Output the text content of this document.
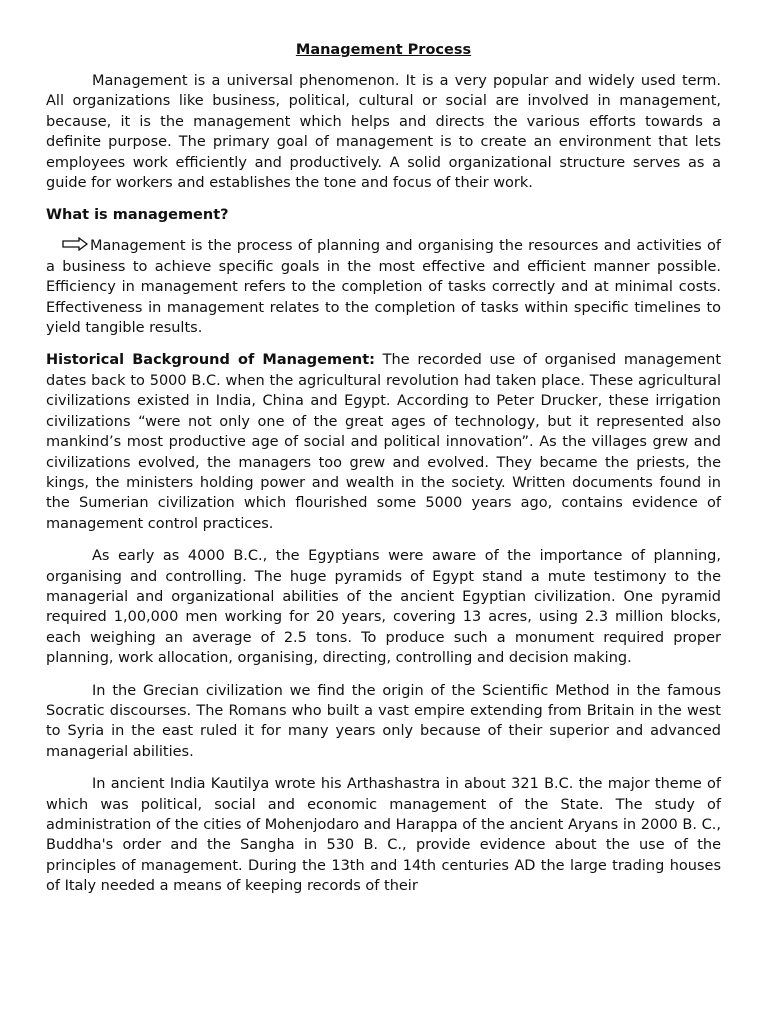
Management Process

Management is a universal phenomenon. It is a very popular and widely used term. All organizations like business, political, cultural or social are involved in management, because, it is the management which helps and directs the various efforts towards a definite purpose. The primary goal of management is to create an environment that lets employees work efficiently and productively. A solid organizational structure serves as a guide for workers and establishes the tone and focus of their work.

What is management?

Management is the process of planning and organising the resources and activities of a business to achieve specific goals in the most effective and efficient manner possible. Efficiency in management refers to the completion of tasks correctly and at minimal costs. Effectiveness in management relates to the completion of tasks within specific timelines to yield tangible results.

Historical Background of Management: The recorded use of organised management dates back to 5000 B.C. when the agricultural revolution had taken place. These agricultural civilizations existed in India, China and Egypt. According to Peter Drucker, these irrigation civilizations “were not only one of the great ages of technology, but it represented also mankind’s most productive age of social and political innovation”. As the villages grew and civilizations evolved, the managers too grew and evolved. They became the priests, the kings, the ministers holding power and wealth in the society. Written documents found in the Sumerian civilization which flourished some 5000 years ago, contains evidence of management control practices.

As early as 4000 B.C., the Egyptians were aware of the importance of planning, organising and controlling. The huge pyramids of Egypt stand a mute testimony to the managerial and organizational abilities of the ancient Egyptian civilization. One pyramid required 1,00,000 men working for 20 years, covering 13 acres, using 2.3 million blocks, each weighing an average of 2.5 tons. To produce such a monument required proper planning, work allocation, organising, directing, controlling and decision making.

In the Grecian civilization we find the origin of the Scientific Method in the famous Socratic discourses. The Romans who built a vast empire extending from Britain in the west to Syria in the east ruled it for many years only because of their superior and advanced managerial abilities.

In ancient India Kautilya wrote his Arthashastra in about 321 B.C. the major theme of which was political, social and economic management of the State. The study of administration of the cities of Mohenjodaro and Harappa of the ancient Aryans in 2000 B. C., Buddha's order and the Sangha in 530 B. C., provide evidence about the use of the principles of management. During the 13th and 14th centuries AD the large trading houses of Italy needed a means of keeping records of their
